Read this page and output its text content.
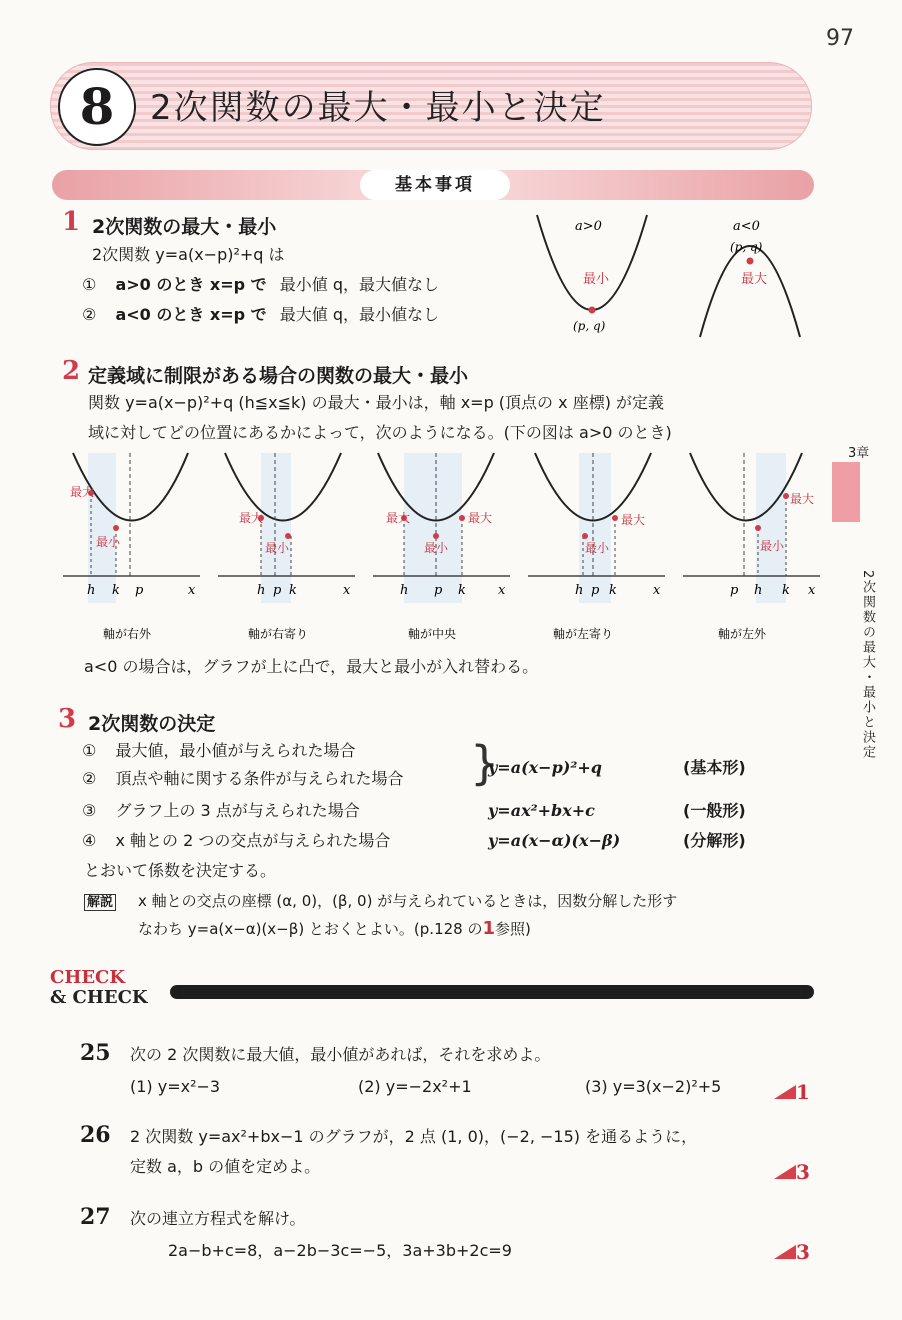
97
8	2次関数の最大・最小と決定
基本事項
3章
2次関数の最大・最小と決定
1 2次関数の最大・最小
2次関数 y=a(x−p)²+q は
① a>0 のとき x=p で 最小値 q，最大値なし
② a<0 のとき x=p で 最大値 q，最小値なし
a>0
最小
(p, q)
a<0
(p, q)
最大
2 定義域に制限がある場合の関数の最大・最小
関数 y=a(x−p)²+q (h≦x≦k) の最大・最小は，軸 x=p (頂点の x 座標) が定義
域に対してどの位置にあるかによって，次のようになる。(下の図は a>0 のとき)
最大
最小
h k p	x
軸が右外
最大
最小
h p k	x
軸が右寄り
最大	最大
最小
h p k x
軸が中央
最大
最小
h p k	x
軸が左寄り
最大
最小
p h k x
軸が左外
a<0 の場合は，グラフが上に凸で，最大と最小が入れ替わる。
3 2次関数の決定
① 最大値，最小値が与えられた場合
② 頂点や軸に関する条件が与えられた場合 }
y=a(x−p)²+q	(基本形)
③ グラフ上の 3 点が与えられた場合	y=ax²+bx+c	(一般形)
④ x 軸との 2 つの交点が与えられた場合	y=a(x−α)(x−β)	(分解形)
とおいて係数を決定する。
解説 x 軸との交点の座標 (α, 0)，(β, 0) が与えられているときは，因数分解した形す
なわち y=a(x−α)(x−β) とおくとよい。(p.128 の1参照)
CHECK
& CHECK
25 次の 2 次関数に最大値，最小値があれば，それを求めよ。
(1) y=x²−3	(2) y=−2x²+1	(3) y=3(x−2)²+5	1
26 2 次関数 y=ax²+bx−1 のグラフが，2 点 (1, 0)，(−2, −15) を通るように，
定数 a，b の値を定めよ。	3
27 次の連立方程式を解け。
2a−b+c=8，a−2b−3c=−5，3a+3b+2c=9	3
